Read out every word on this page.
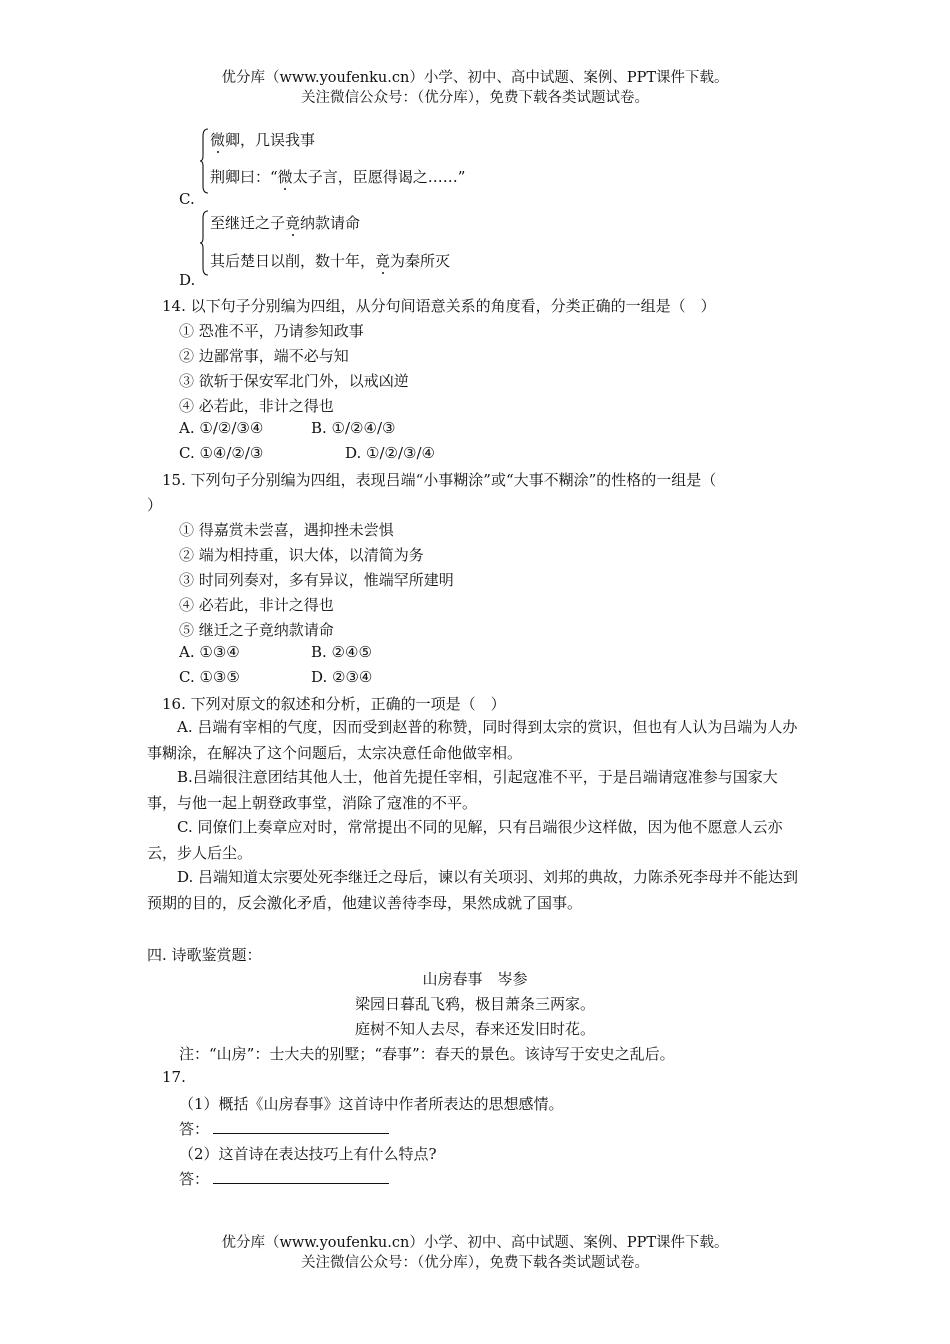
优分库（www.youfenku.cn）小学、初中、高中试题、案例、PPT课件下载。
关注微信公众号：（优分库），免费下载各类试题试卷。
微卿，几误我事
荆卿曰：“微太子言，臣愿得谒之……”
C.
至继迁之子竟纳款请命
其后楚日以削，数十年，竟为秦所灭
D.
14. 以下句子分别编为四组，从分句间语意关系的角度看，分类正确的一组是（　）
① 恐准不平，乃请参知政事
② 边鄙常事，端不必与知
③ 欲斩于保安军北门外，以戒凶逆
④ 必若此，非计之得也
A. ①/②/③④	B. ①/②④/③
C. ①④/②/③	D. ①/②/③/④
15. 下列句子分别编为四组，表现吕端“小事糊涂”或“大事不糊涂”的性格的一组是（
）
① 得嘉赏未尝喜，遇抑挫未尝惧
② 端为相持重，识大体，以清简为务
③ 时同列奏对，多有异议，惟端罕所建明
④ 必若此，非计之得也
⑤ 继迁之子竟纳款请命
A. ①③④	B. ②④⑤
C. ①③⑤	D. ②③④
16. 下列对原文的叙述和分析，正确的一项是（　）
A. 吕端有宰相的气度，因而受到赵普的称赞，同时得到太宗的赏识，但也有人认为吕端为人办事糊涂，在解决了这个问题后，太宗决意任命他做宰相。
B.吕端很注意团结其他人士，他首先提任宰相，引起寇准不平，于是吕端请寇准参与国家大事，与他一起上朝登政事堂，消除了寇准的不平。
C. 同僚们上奏章应对时，常常提出不同的见解，只有吕端很少这样做，因为他不愿意人云亦云，步人后尘。
D. 吕端知道太宗要处死李继迁之母后，谏以有关项羽、刘邦的典故，力陈杀死李母并不能达到预期的目的，反会激化矛盾，他建议善待李母，果然成就了国事。
四. 诗歌鉴赏题：
山房春事　岑参
梁园日暮乱飞鸦，极目萧条三两家。
庭树不知人去尽，春来还发旧时花。
注：“山房”：士大夫的别墅；“春事”：春天的景色。该诗写于安史之乱后。
17.
（1）概括《山房春事》这首诗中作者所表达的思想感情。
答：
（2）这首诗在表达技巧上有什么特点?
答：
优分库（www.youfenku.cn）小学、初中、高中试题、案例、PPT课件下载。
关注微信公众号：（优分库），免费下载各类试题试卷。
